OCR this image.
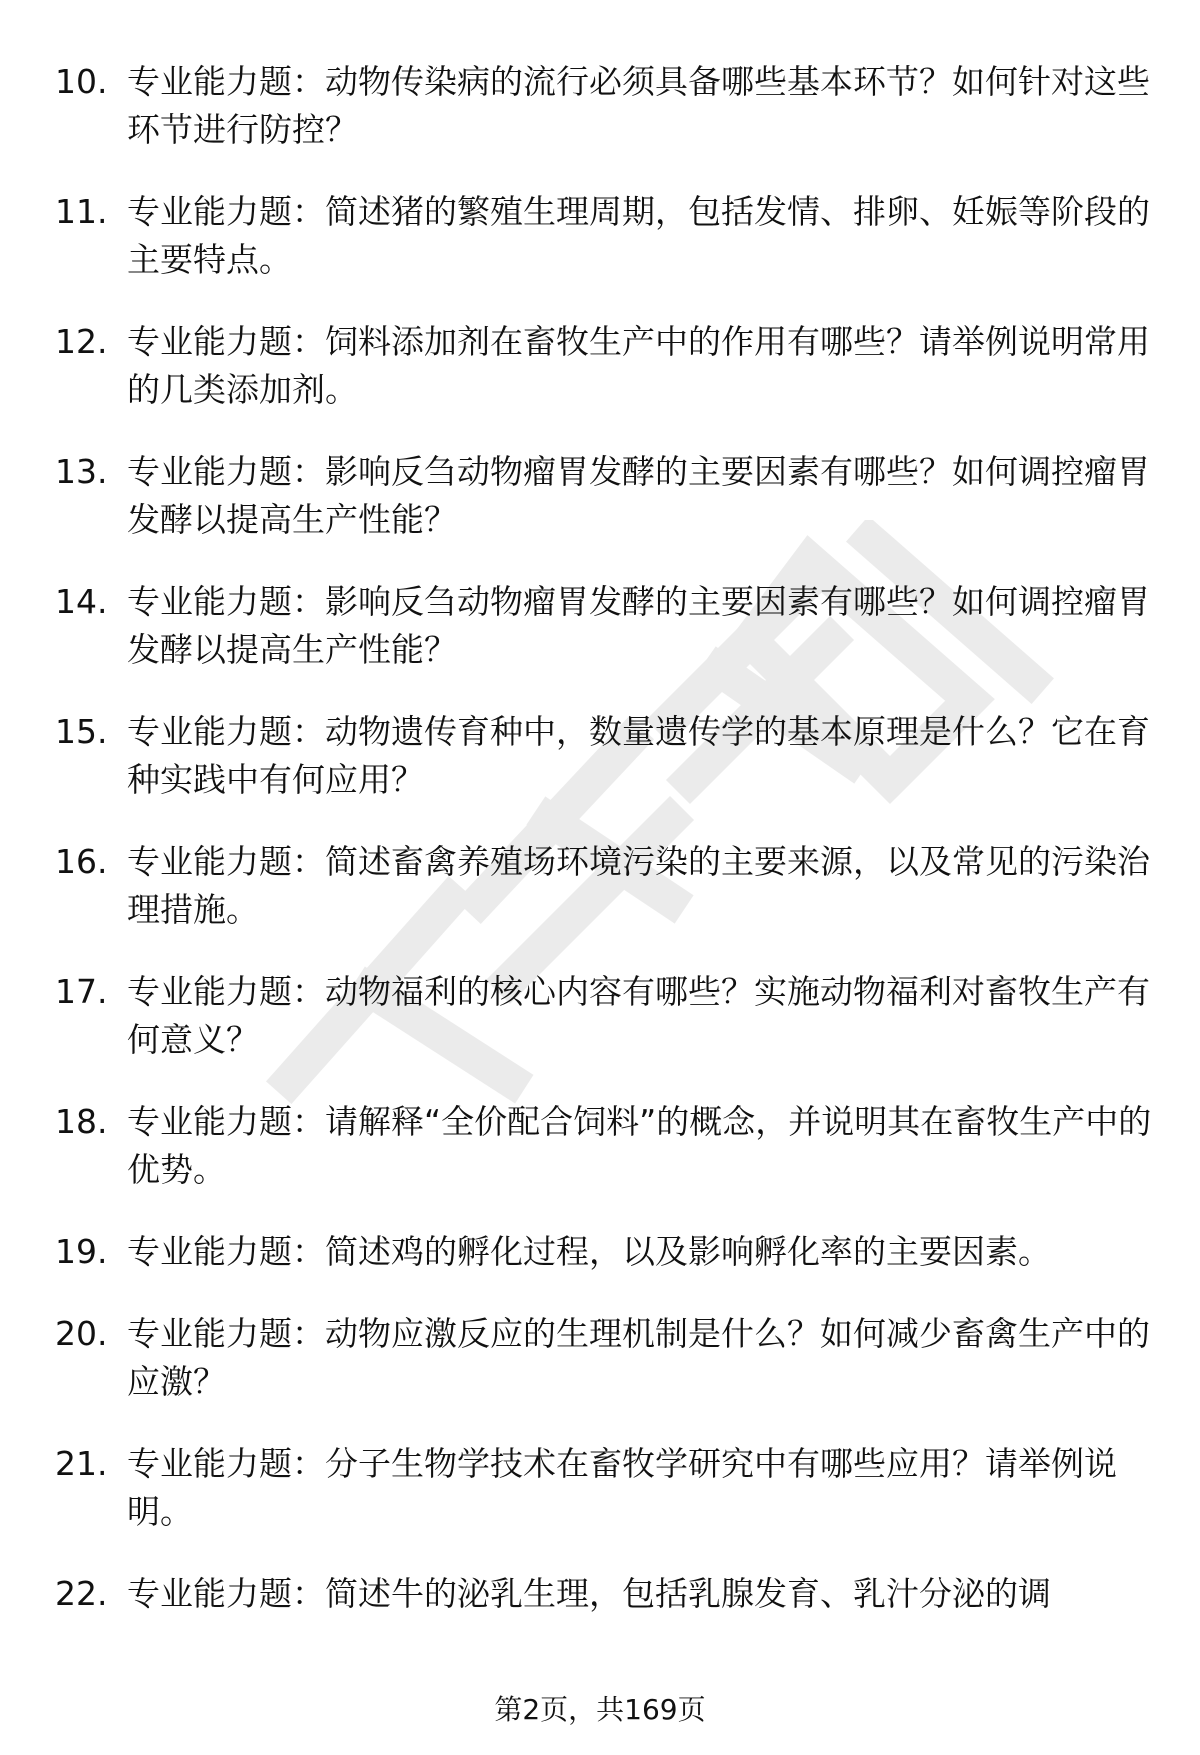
10. 专业能力题：动物传染病的流行必须具备哪些基本环节？如何针对这些环节进行防控？
11. 专业能力题：简述猪的繁殖生理周期，包括发情、排卵、妊娠等阶段的主要特点。
12. 专业能力题：饲料添加剂在畜牧生产中的作用有哪些？请举例说明常用的几类添加剂。
13. 专业能力题：影响反刍动物瘤胃发酵的主要因素有哪些？如何调控瘤胃发酵以提高生产性能？
14. 专业能力题：影响反刍动物瘤胃发酵的主要因素有哪些？如何调控瘤胃发酵以提高生产性能？
15. 专业能力题：动物遗传育种中，数量遗传学的基本原理是什么？它在育种实践中有何应用？
16. 专业能力题：简述畜禽养殖场环境污染的主要来源，以及常见的污染治理措施。
17. 专业能力题：动物福利的核心内容有哪些？实施动物福利对畜牧生产有何意义？
18. 专业能力题：请解释“全价配合饲料”的概念，并说明其在畜牧生产中的优势。
19. 专业能力题：简述鸡的孵化过程，以及影响孵化率的主要因素。
20. 专业能力题：动物应激反应的生理机制是什么？如何减少畜禽生产中的应激？
21. 专业能力题：分子生物学技术在畜牧学研究中有哪些应用？请举例说明。
22. 专业能力题：简述牛的泌乳生理，包括乳腺发育、乳汁分泌的调
第2页，共169页
